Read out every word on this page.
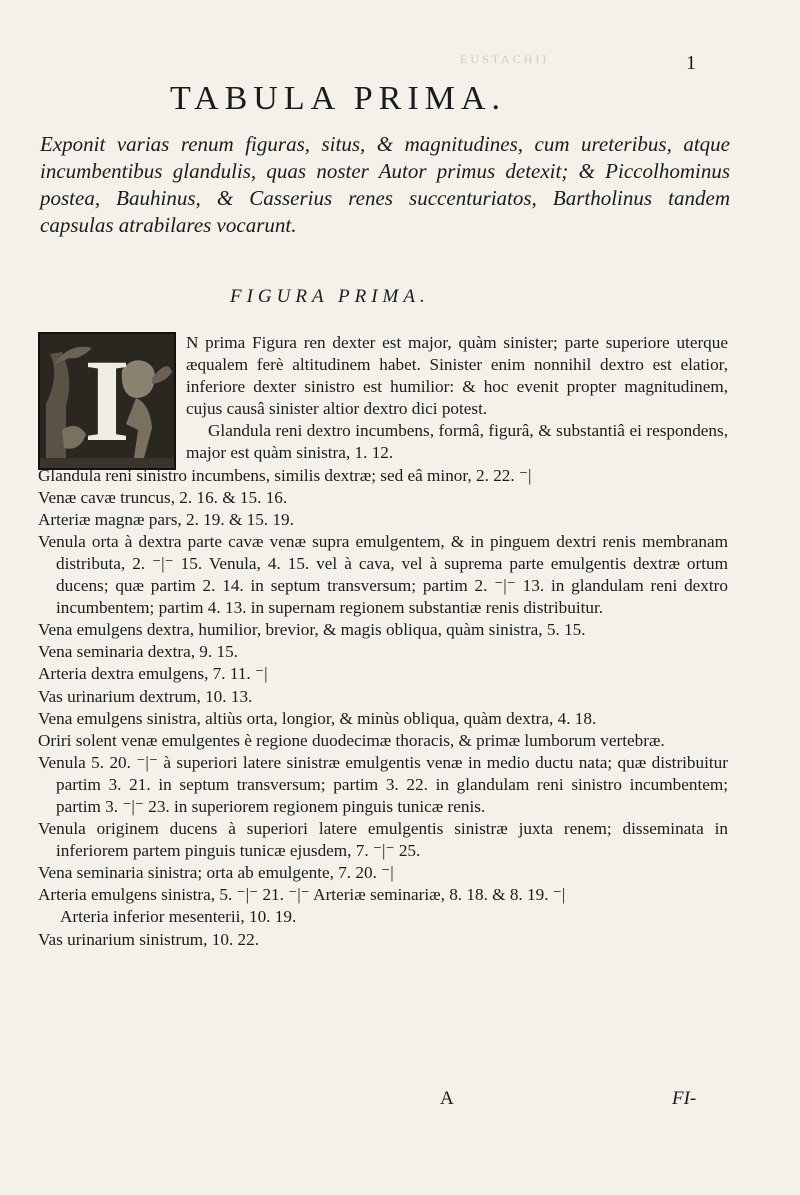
EUSTACHII	1
TABULA PRIMA.

Exponit varias renum figuras, situs, & magnitudines, cum ureteribus, atque incumbentibus glandulis, quas noster Autor primus detexit; & Piccolhominus postea, Bauhinus, & Casserius renes succenturiatos, Bartholinus tandem capsulas atrabilares vocarunt.

FIGURA PRIMA.
I	N prima Figura ren dexter est major, quàm sinister; parte superiore uterque æqualem ferè altitudinem habet. Sinister enim nonnihil dextro est elatior, inferiore dexter sinistro est humilior: & hoc evenit propter magnitudinem, cujus causâ sinister altior dextro dici potest.

Glandula reni dextro incumbens, formâ, figurâ, & substantiâ ei respondens, major est quàm sinistra, 1. 12.

Glandula reni sinistro incumbens, similis dextræ; sed eâ minor, 2. 22. ⁻|

Venæ cavæ truncus, 2. 16. & 15. 16.

Arteriæ magnæ pars, 2. 19. & 15. 19.

Venula orta à dextra parte cavæ venæ supra emulgentem, & in pinguem dextri renis membranam distributa, 2. ⁻|⁻ 15. Venula, 4. 15. vel à cava, vel à suprema parte emulgentis dextræ ortum ducens; quæ partim 2. 14. in septum transversum; partim 2. ⁻|⁻ 13. in glandulam reni dextro incumbentem; partim 4. 13. in supernam regionem substantiæ renis distribuitur.

Vena emulgens dextra, humilior, brevior, & magis obliqua, quàm sinistra, 5. 15.

Vena seminaria dextra, 9. 15.

Arteria dextra emulgens, 7. 11. ⁻|

Vas urinarium dextrum, 10. 13.

Vena emulgens sinistra, altiùs orta, longior, & minùs obliqua, quàm dextra, 4. 18.

Oriri solent venæ emulgentes è regione duodecimæ thoracis, & primæ lumborum vertebræ.

Venula 5. 20. ⁻|⁻ à superiori latere sinistræ emulgentis venæ in medio ductu nata; quæ distribuitur partim 3. 21. in septum transversum; partim 3. 22. in glandulam reni sinistro incumbentem; partim 3. ⁻|⁻ 23. in superiorem regionem pinguis tunicæ renis.

Venula originem ducens à superiori latere emulgentis sinistræ juxta renem; disseminata in inferiorem partem pinguis tunicæ ejusdem, 7. ⁻|⁻ 25.

Vena seminaria sinistra; orta ab emulgente, 7. 20. ⁻|

Arteria emulgens sinistra, 5. ⁻|⁻ 21. ⁻|⁻ Arteriæ seminariæ, 8. 18. & 8. 19. ⁻|

Arteria inferior mesenterii, 10. 19.

Vas urinarium sinistrum, 10. 22.

A	FI-
